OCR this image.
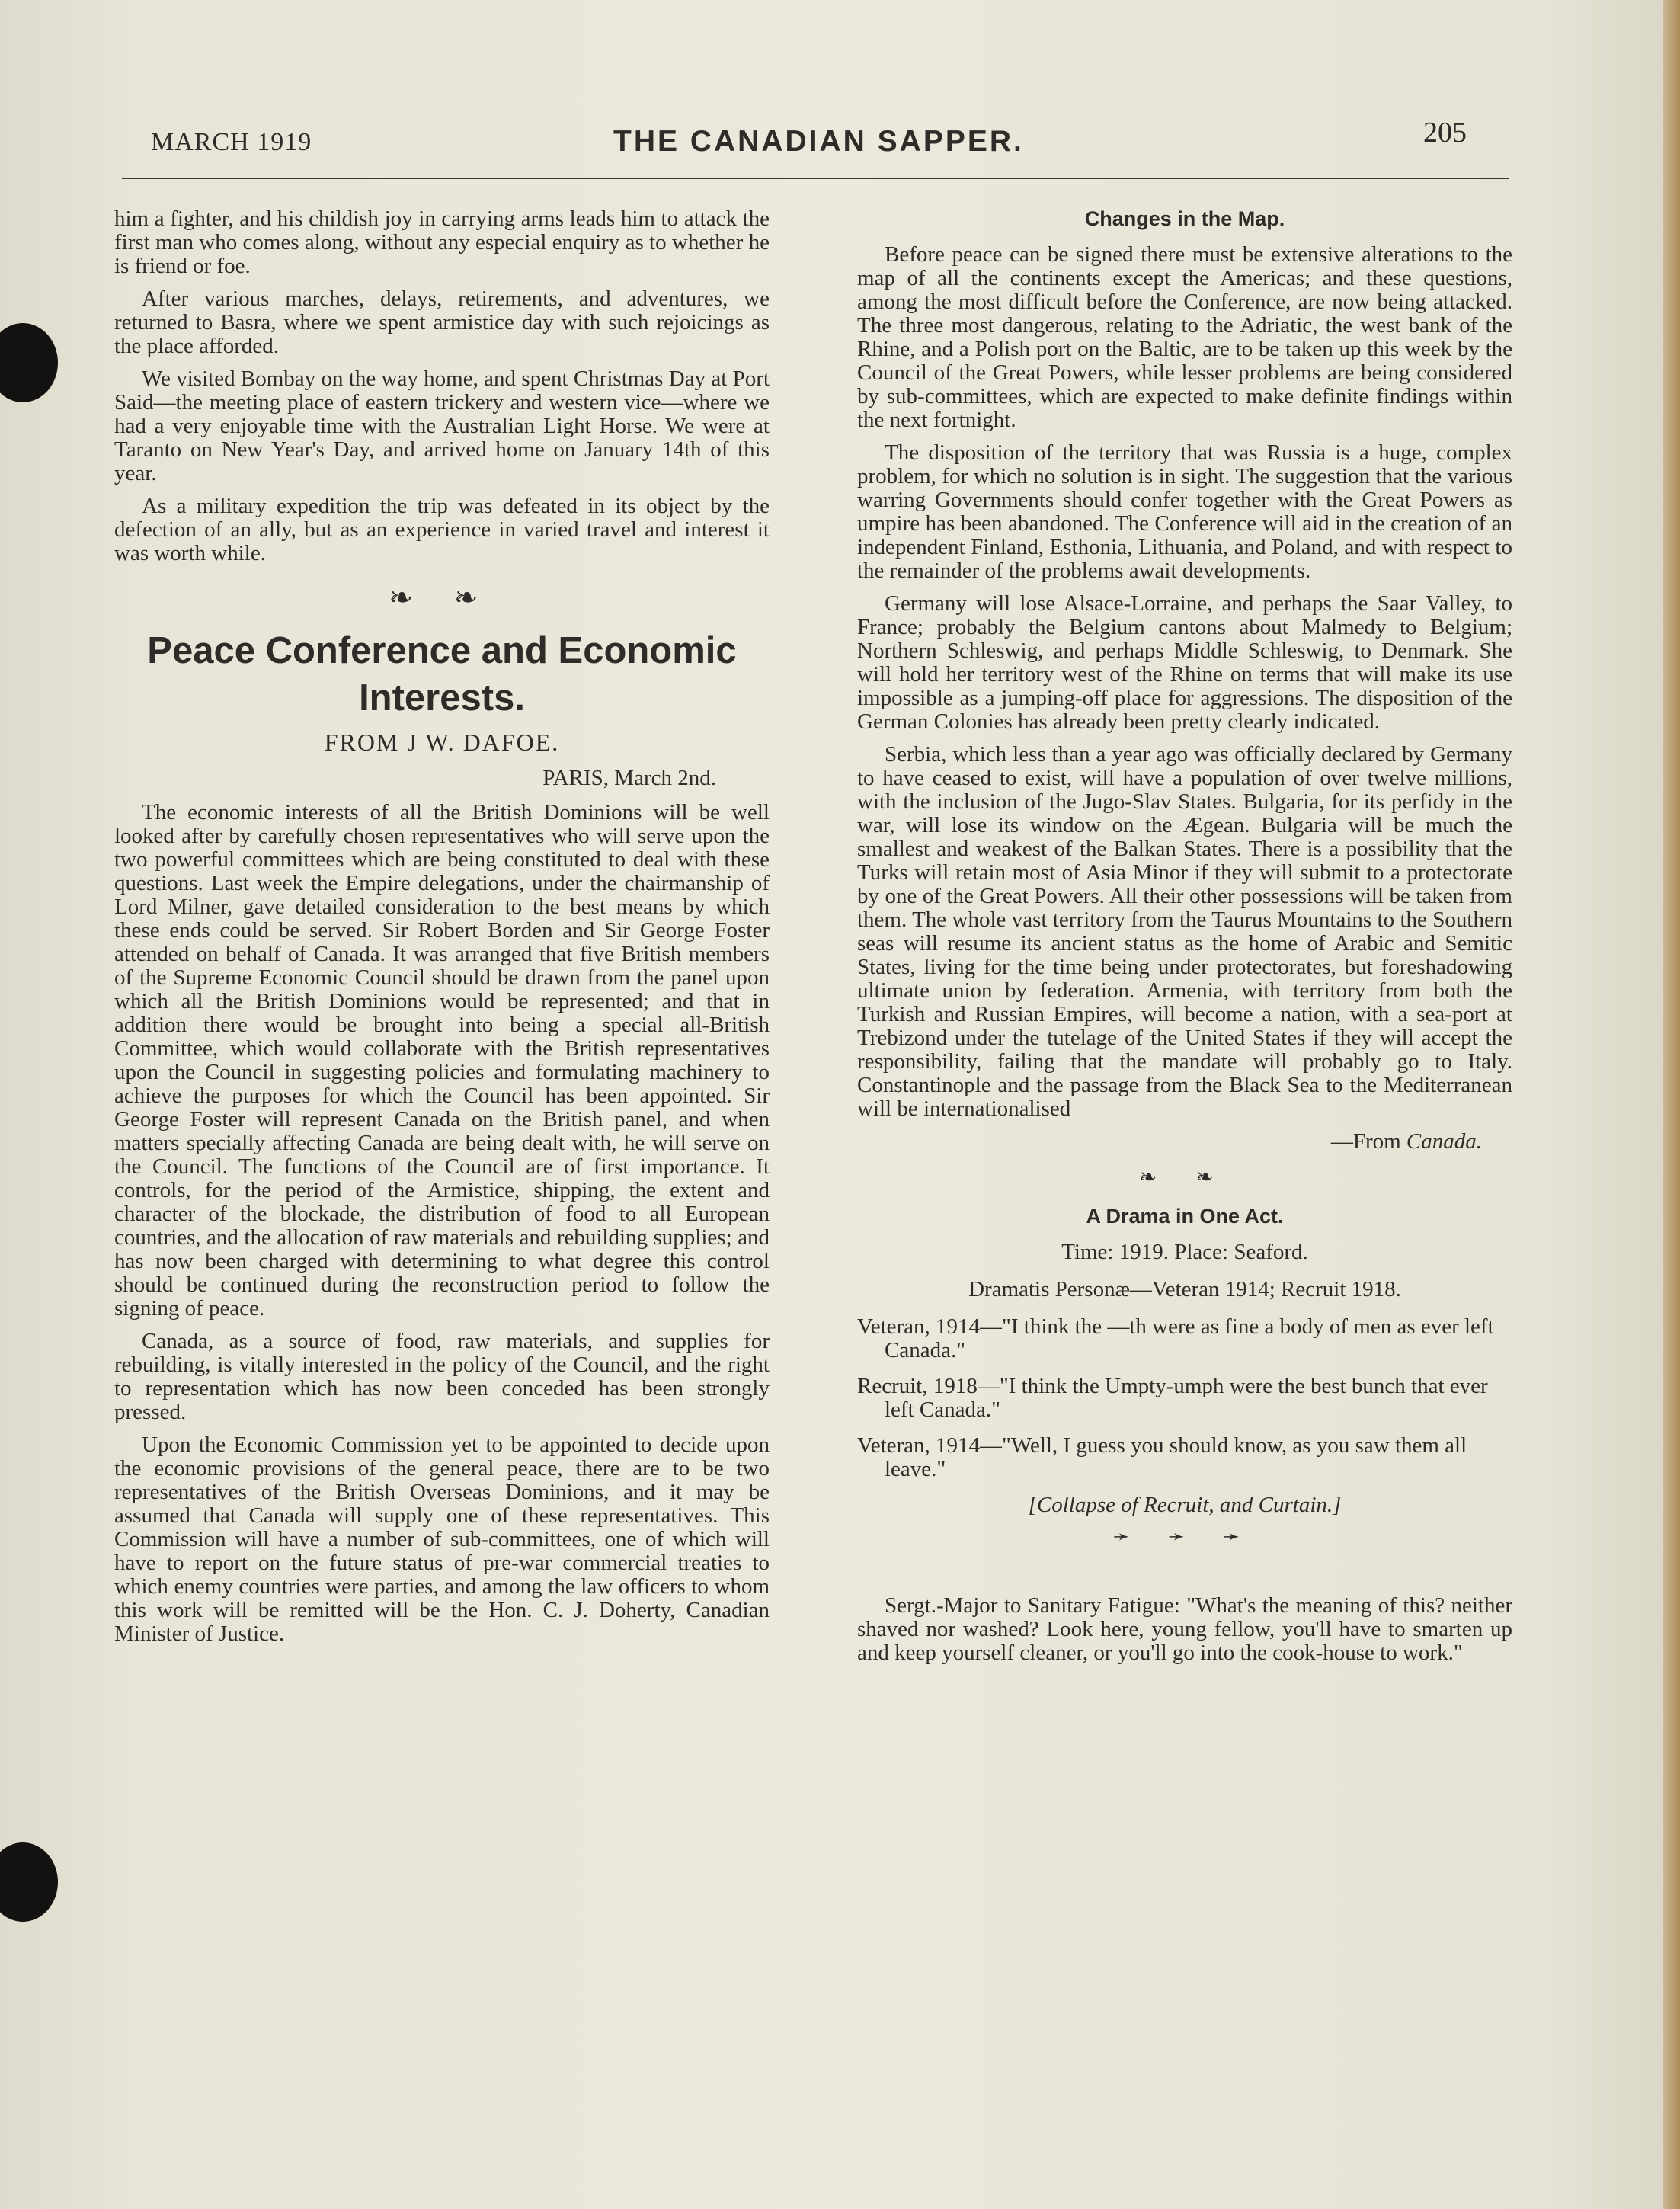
MARCH 1919	THE CANADIAN SAPPER.	205

him a fighter, and his childish joy in carrying arms leads him to attack the first man who comes along, without any especial enquiry as to whether he is friend or foe.

After various marches, delays, retirements, and adventures, we returned to Basra, where we spent armistice day with such rejoicings as the place afforded.

We visited Bombay on the way home, and spent Christmas Day at Port Said—the meeting place of eastern trickery and western vice—where we had a very enjoyable time with the Australian Light Horse. We were at Taranto on New Year's Day, and arrived home on January 14th of this year.

As a military expedition the trip was defeated in its object by the defection of an ally, but as an experience in varied travel and interest it was worth while.

❧ ❧
Peace Conference and Economic Interests.
FROM J W. DAFOE.
PARIS, March 2nd.

The economic interests of all the British Dominions will be well looked after by carefully chosen representatives who will serve upon the two powerful committees which are being constituted to deal with these questions. Last week the Empire delegations, under the chairmanship of Lord Milner, gave detailed consideration to the best means by which these ends could be served. Sir Robert Borden and Sir George Foster attended on behalf of Canada. It was arranged that five British members of the Supreme Economic Council should be drawn from the panel upon which all the British Dominions would be represented; and that in addition there would be brought into being a special all-British Committee, which would collaborate with the British representatives upon the Council in suggesting policies and formulating machinery to achieve the purposes for which the Council has been appointed. Sir George Foster will represent Canada on the British panel, and when matters specially affecting Canada are being dealt with, he will serve on the Council. The functions of the Council are of first importance. It controls, for the period of the Armistice, shipping, the extent and character of the blockade, the distribution of food to all European countries, and the allocation of raw materials and rebuilding supplies; and has now been charged with determining to what degree this control should be continued during the reconstruction period to follow the signing of peace.

Canada, as a source of food, raw materials, and supplies for rebuilding, is vitally interested in the policy of the Council, and the right to representation which has now been conceded has been strongly pressed.

Upon the Economic Commission yet to be appointed to decide upon the economic provisions of the general peace, there are to be two representatives of the British Overseas Dominions, and it may be assumed that Canada will supply one of these representatives. This Commission will have a number of sub-committees, one of which will have to report on the future status of pre-war commercial treaties to which enemy countries were parties, and among the law officers to whom this work will be remitted will be the Hon. C. J. Doherty, Canadian Minister of Justice.

Changes in the Map.

Before peace can be signed there must be extensive alterations to the map of all the continents except the Americas; and these questions, among the most difficult before the Conference, are now being attacked. The three most dangerous, relating to the Adriatic, the west bank of the Rhine, and a Polish port on the Baltic, are to be taken up this week by the Council of the Great Powers, while lesser problems are being considered by sub-committees, which are expected to make definite findings within the next fortnight.

The disposition of the territory that was Russia is a huge, complex problem, for which no solution is in sight. The suggestion that the various warring Governments should confer together with the Great Powers as umpire has been abandoned. The Conference will aid in the creation of an independent Finland, Esthonia, Lithuania, and Poland, and with respect to the remainder of the problems await developments.

Germany will lose Alsace-Lorraine, and perhaps the Saar Valley, to France; probably the Belgium cantons about Malmedy to Belgium; Northern Schleswig, and perhaps Middle Schleswig, to Denmark. She will hold her territory west of the Rhine on terms that will make its use impossible as a jumping-off place for aggressions. The disposition of the German Colonies has already been pretty clearly indicated.

Serbia, which less than a year ago was officially declared by Germany to have ceased to exist, will have a population of over twelve millions, with the inclusion of the Jugo-Slav States. Bulgaria, for its perfidy in the war, will lose its window on the Ægean. Bulgaria will be much the smallest and weakest of the Balkan States. There is a possibility that the Turks will retain most of Asia Minor if they will submit to a protectorate by one of the Great Powers. All their other possessions will be taken from them. The whole vast territory from the Taurus Mountains to the Southern seas will resume its ancient status as the home of Arabic and Semitic States, living for the time being under protectorates, but foreshadowing ultimate union by federation. Armenia, with territory from both the Turkish and Russian Empires, will become a nation, with a sea-port at Trebizond under the tutelage of the United States if they will accept the responsibility, failing that the mandate will probably go to Italy. Constantinople and the passage from the Black Sea to the Mediterranean will be internationalised

—From Canada.
❧ ❧
A Drama in One Act.
Time: 1919. Place: Seaford.
Dramatis Personæ—Veteran 1914; Recruit 1918.
Veteran, 1914—"I think the —th were as fine a body of men as ever left Canada."
Recruit, 1918—"I think the Umpty-umph were the best bunch that ever left Canada."
Veteran, 1914—"Well, I guess you should know, as you saw them all leave."
[Collapse of Recruit, and Curtain.]
➛ ➛ ➛

Sergt.-Major to Sanitary Fatigue: "What's the meaning of this? neither shaved nor washed? Look here, young fellow, you'll have to smarten up and keep yourself cleaner, or you'll go into the cook-house to work."
